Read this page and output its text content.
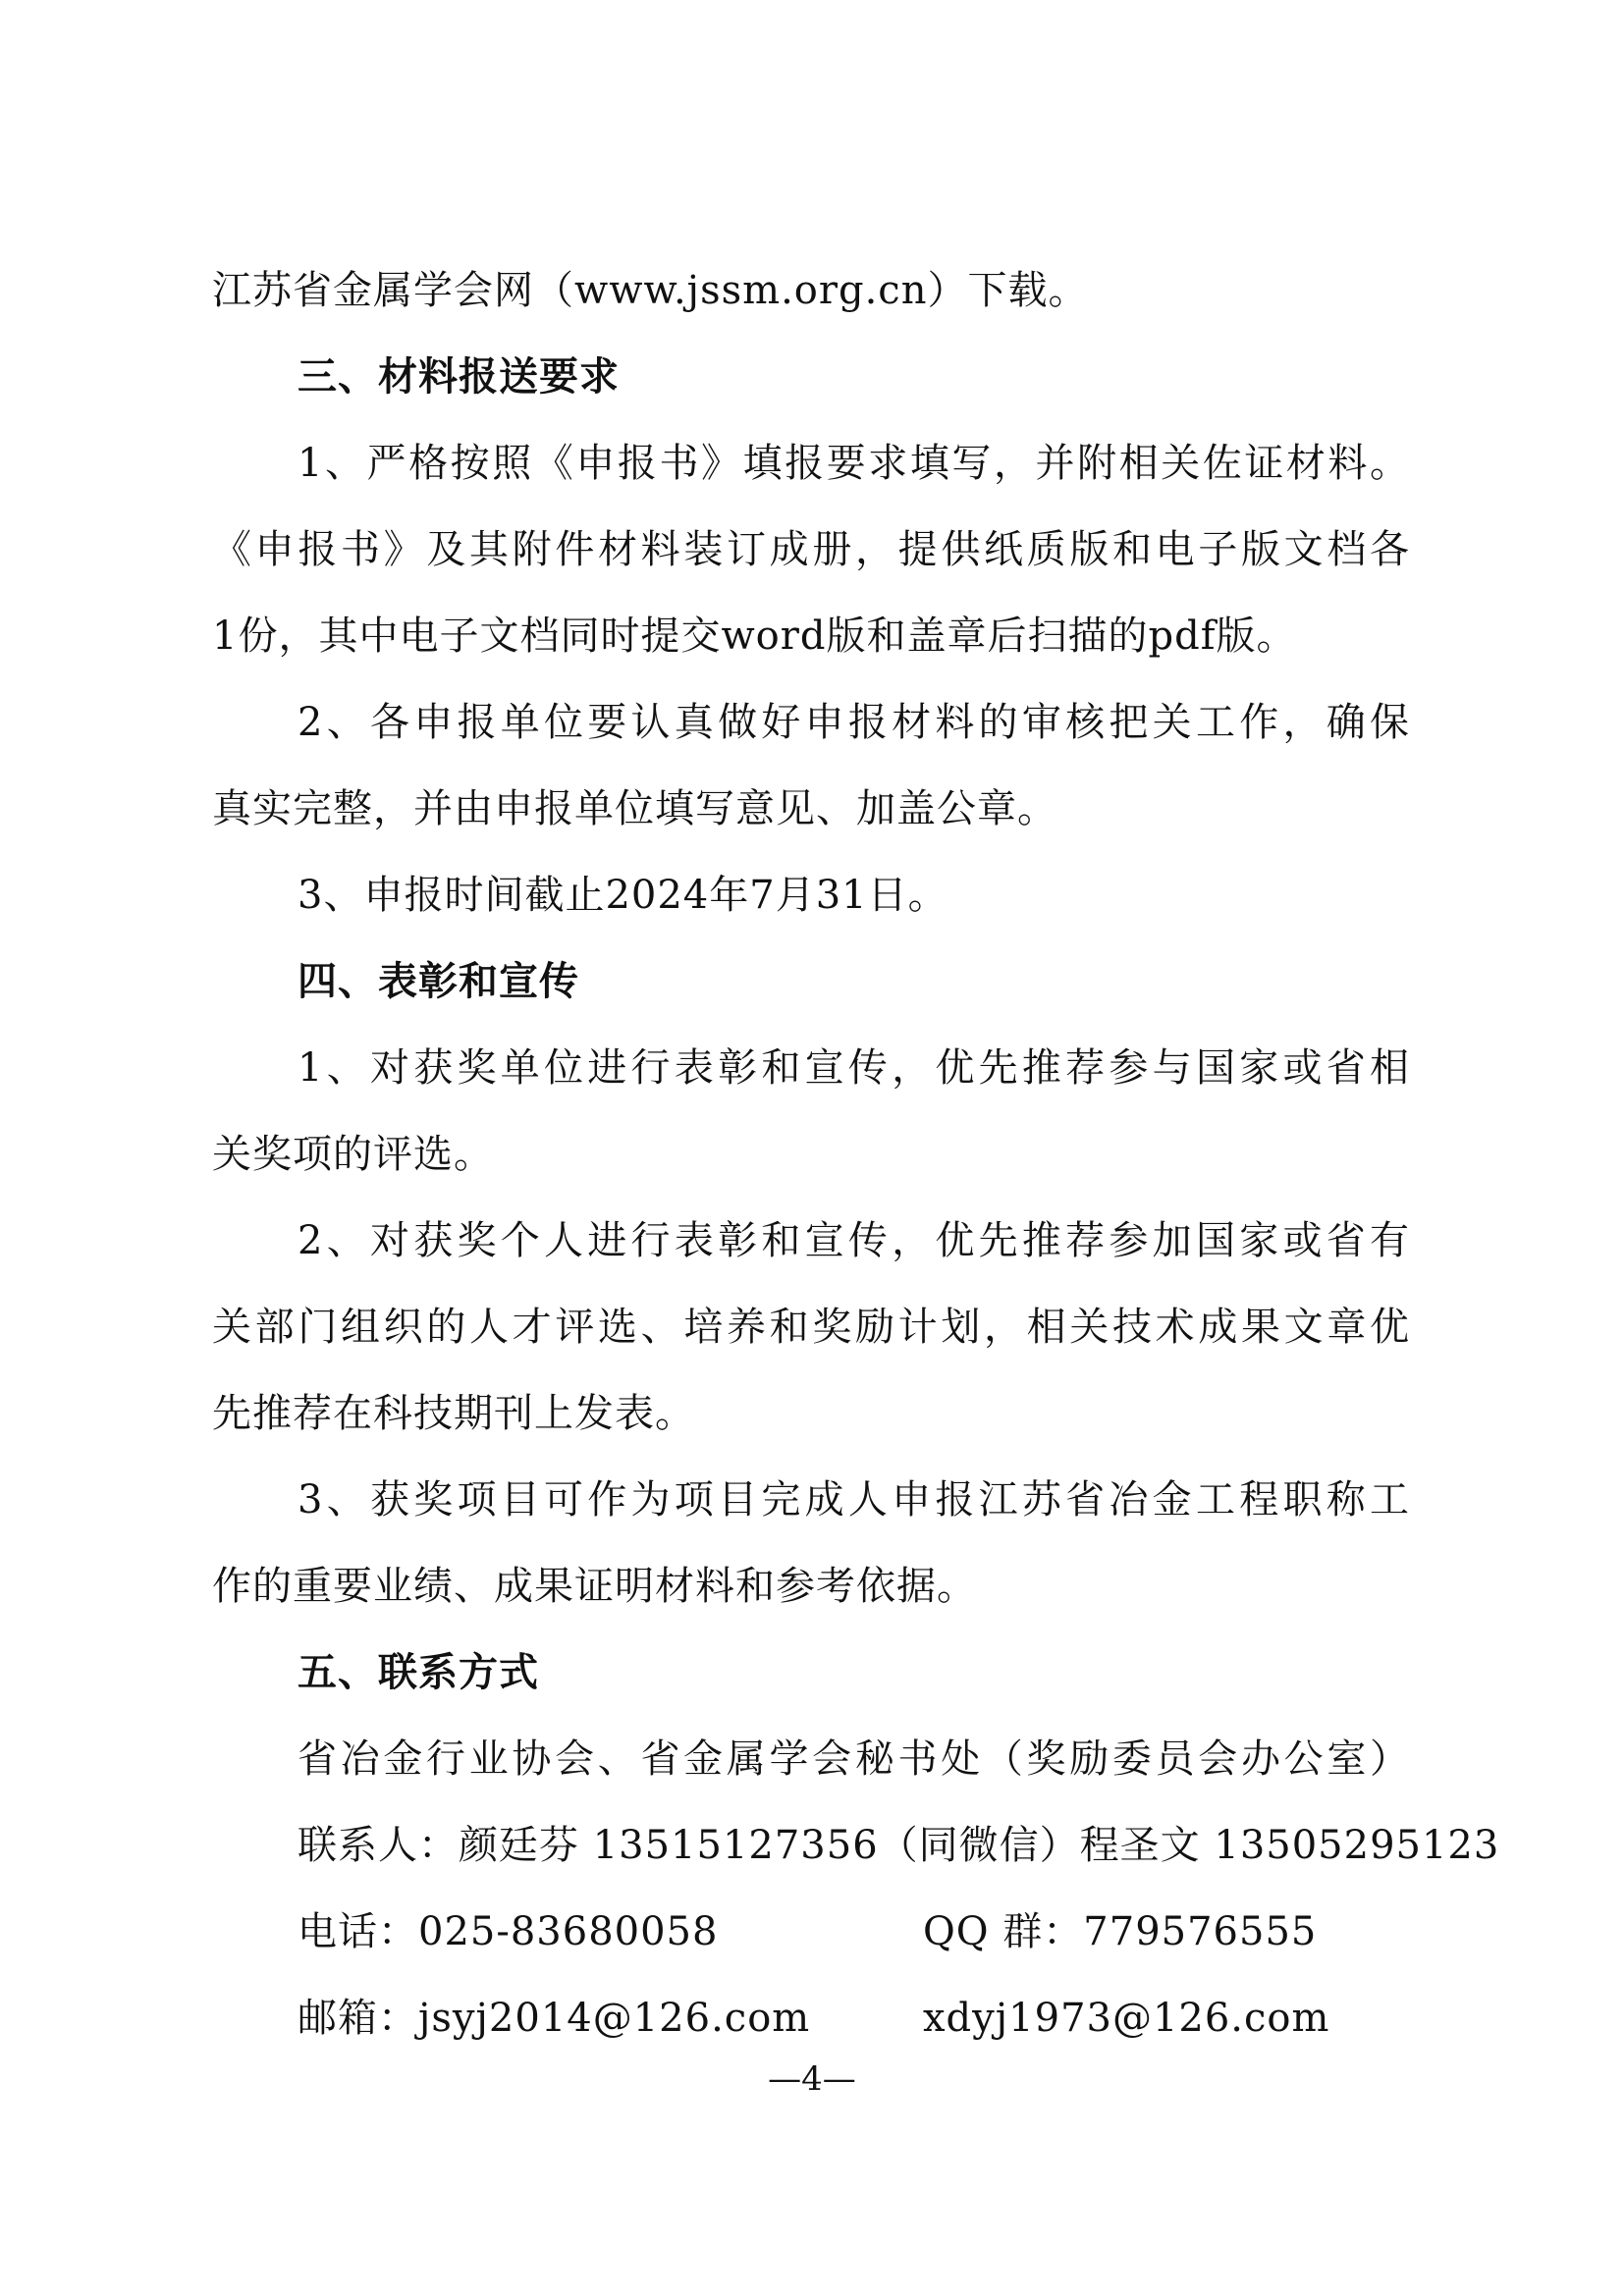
江苏省金属学会网（www.jssm.org.cn）下载。
三、材料报送要求
1、严格按照《申报书》填报要求填写，并附相关佐证材料。
《申报书》及其附件材料装订成册，提供纸质版和电子版文档各
1份，其中电子文档同时提交word版和盖章后扫描的pdf版。
2、各申报单位要认真做好申报材料的审核把关工作，确保
真实完整，并由申报单位填写意见、加盖公章。
3、申报时间截止2024年7月31日。
四、表彰和宣传
1、对获奖单位进行表彰和宣传，优先推荐参与国家或省相
关奖项的评选。
2、对获奖个人进行表彰和宣传，优先推荐参加国家或省有
关部门组织的人才评选、培养和奖励计划，相关技术成果文章优
先推荐在科技期刊上发表。
3、获奖项目可作为项目完成人申报江苏省冶金工程职称工
作的重要业绩、成果证明材料和参考依据。
五、联系方式
省冶金行业协会、省金属学会秘书处（奖励委员会办公室）
联系人：颜廷芬 13515127356（同微信）程圣文 13505295123
电话：025-83680058	QQ 群：779576555
邮箱：jsyj2014@126.com	xdyj1973@126.com
—4—
